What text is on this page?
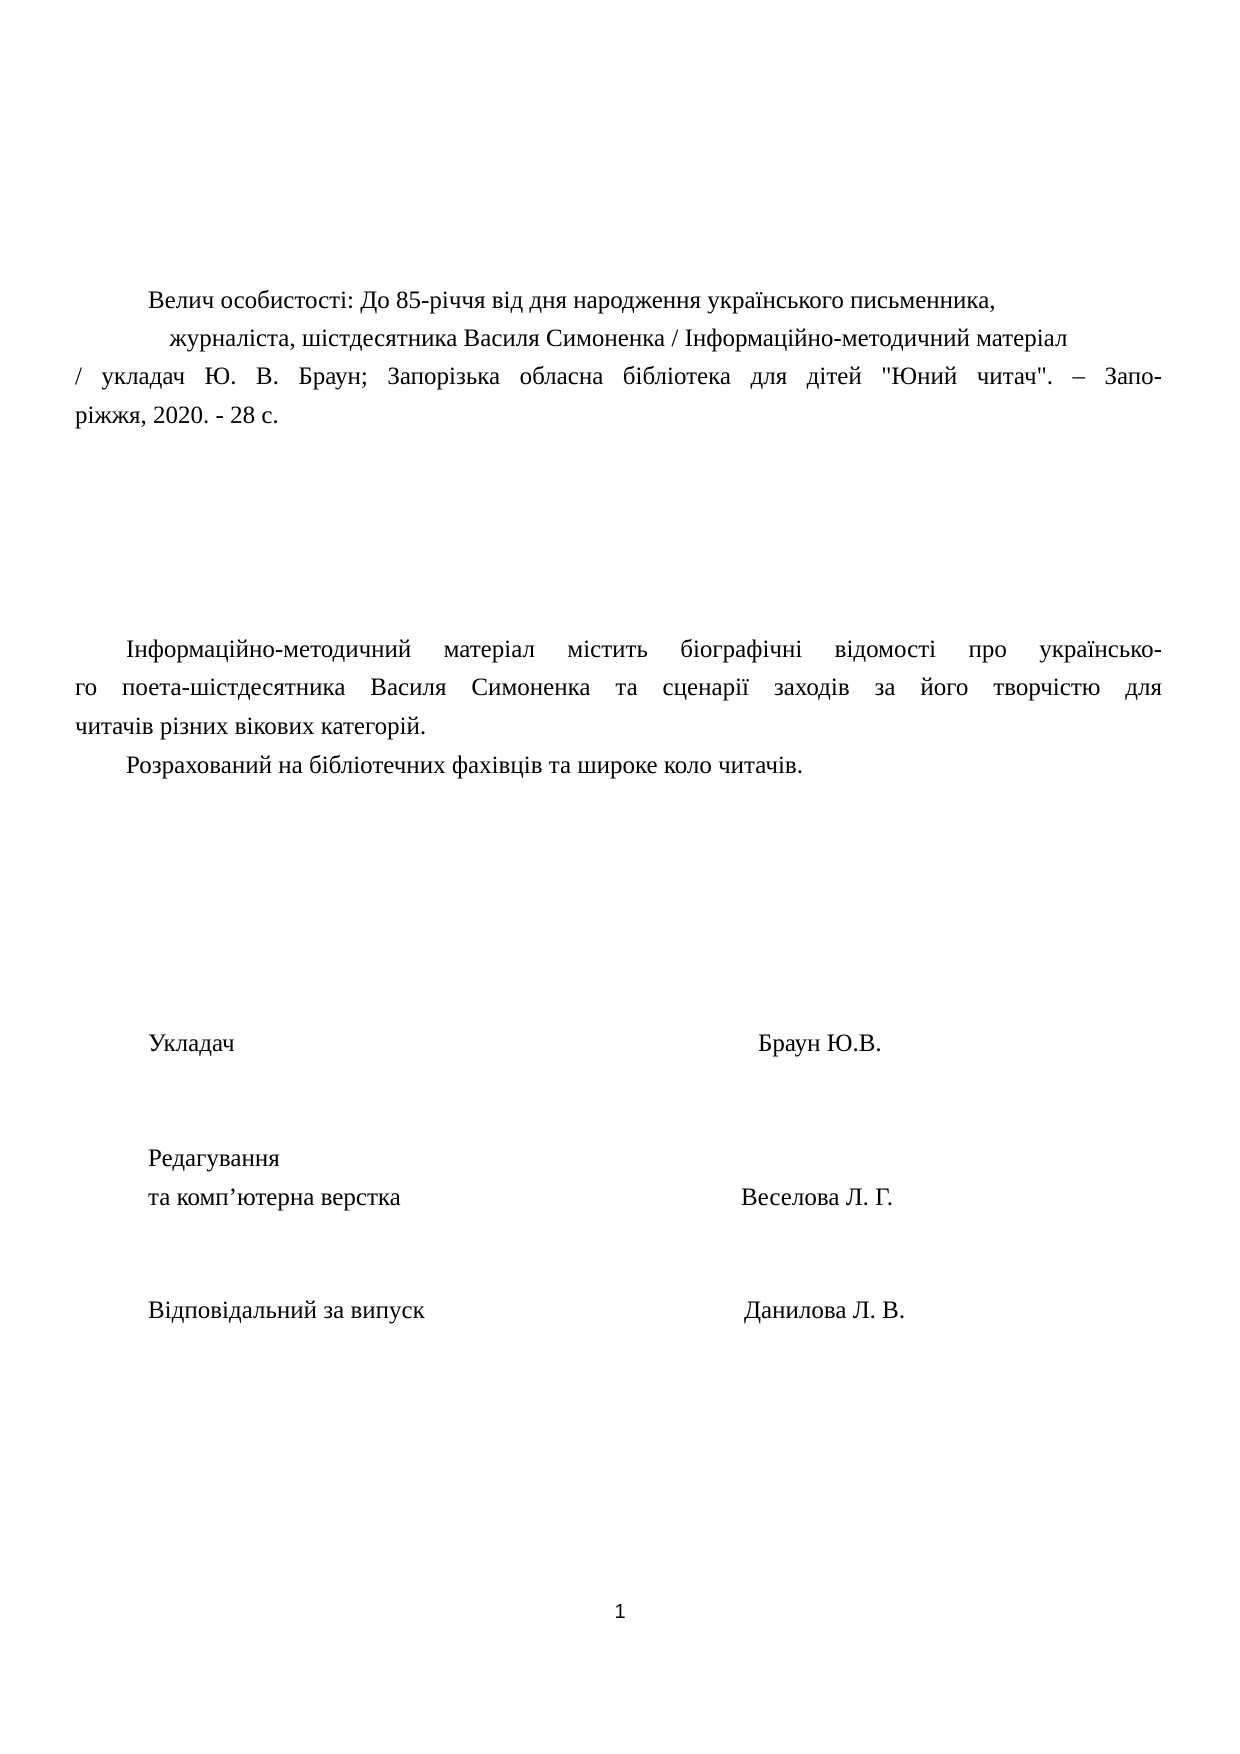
Велич особистості: До 85-річчя від дня народження українського письменника,

журналіста, шістдесятника Василя Симоненка / Інформаційно-методичний матеріал

/ укладач Ю. В. Браун; Запорізька обласна бібліотека для дітей "Юний читач". – Запо-

ріжжя, 2020. - 28 с.

Інформаційно-методичний матеріал містить біографічні відомості про українсько-

го поета-шістдесятника Василя Симоненка та сценарії заходів за його творчістю для

читачів різних вікових категорій.

Розрахований на бібліотечних фахівців та широке коло читачів.

Укладач	Браун Ю.В.

Редагування

та комп’ютерна верстка	Веселова Л. Г.

Відповідальний за випуск	Данилова Л. В.

1
